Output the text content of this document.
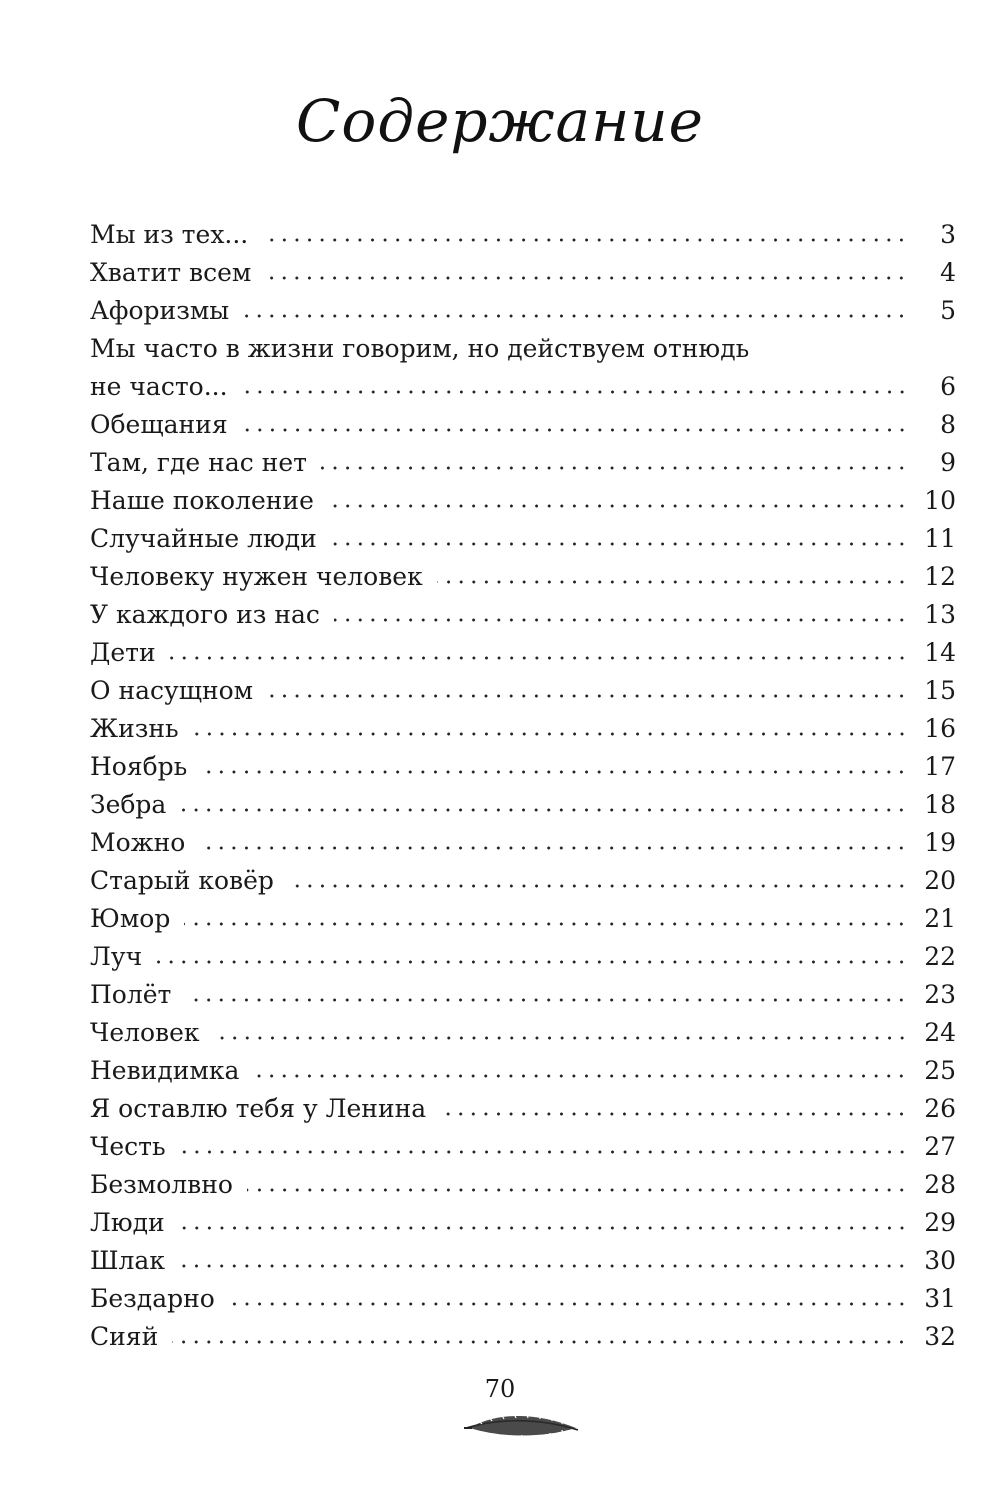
Содержание
Мы из тех...	3
Хватит всем	4
Афоризмы	5
Мы часто в жизни говорим, но действуем отнюдь
не часто...	6
Обещания	8
Там, где нас нет	9
Наше поколение	10
Случайные люди	11
Человеку нужен человек	12
У каждого из нас	13
Дети	14
О насущном	15
Жизнь	16
Ноябрь	17
Зебра	18
Можно	19
Старый ковёр	20
Юмор	21
Луч	22
Полёт	23
Человек	24
Невидимка	25
Я оставлю тебя у Ленина	26
Честь	27
Безмолвно	28
Люди	29
Шлак	30
Бездарно	31
Сияй	32
70
